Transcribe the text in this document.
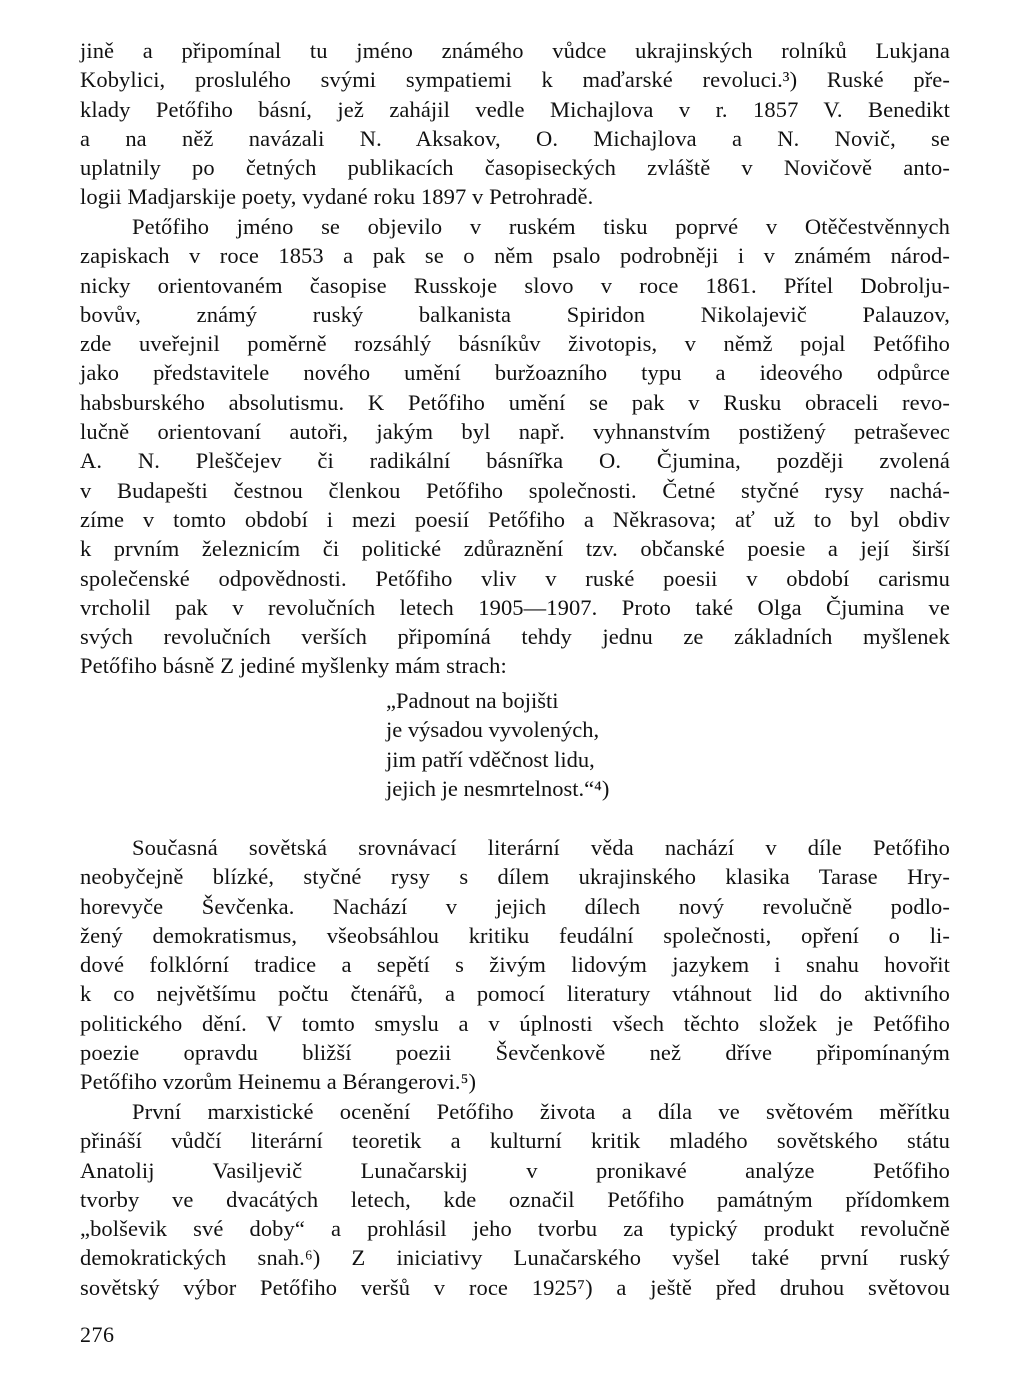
jině a připomínal tu jméno známého vůdce ukrajinských rolníků Lukjana
Kobylici, proslulého svými sympatiemi k maďarské revoluci.³) Ruské pře-
klady Petőfiho básní, jež zahájil vedle Michajlova v r. 1857 V. Benedikt
a na něž navázali N. Aksakov, O. Michajlova a N. Novič, se
uplatnily po četných publikacích časopiseckých zvláště v Novičově anto-
logii Madjarskije poety, vydané roku 1897 v Petrohradě.
Petőfiho jméno se objevilo v ruském tisku poprvé v Otěčestvěnnych
zapiskach v roce 1853 a pak se o něm psalo podrobněji i v známém národ-
nicky orientovaném časopise Russkoje slovo v roce 1861. Přítel Dobrolju-
bovův, známý ruský balkanista Spiridon Nikolajevič Palauzov,
zde uveřejnil poměrně rozsáhlý básníkův životopis, v němž pojal Petőfiho
jako představitele nového umění buržoazního typu a ideového odpůrce
habsburského absolutismu. K Petőfiho umění se pak v Rusku obraceli revo-
lučně orientovaní autoři, jakým byl např. vyhnanstvím postižený petraševec
A. N. Pleščejev či radikální básnířka O. Čjumina, později zvolená
v Budapešti čestnou členkou Petőfiho společnosti. Četné styčné rysy nachá-
zíme v tomto období i mezi poesií Petőfiho a Někrasova; ať už to byl obdiv
k prvním železnicím či politické zdůraznění tzv. občanské poesie a její širší
společenské odpovědnosti. Petőfiho vliv v ruské poesii v období carismu
vrcholil pak v revolučních letech 1905—1907. Proto také Olga Čjumina ve
svých revolučních verších připomíná tehdy jednu ze základních myšlenek
Petőfiho básně Z jediné myšlenky mám strach:
„Padnout na bojišti
je výsadou vyvolených,
jim patří vděčnost lidu,
jejich je nesmrtelnost.“⁴)
Současná sovětská srovnávací literární věda nachází v díle Petőfiho
neobyčejně blízké, styčné rysy s dílem ukrajinského klasika Tarase Hry-
horevyče Ševčenka. Nachází v jejich dílech nový revolučně podlo-
žený demokratismus, všeobsáhlou kritiku feudální společnosti, opření o li-
dové folklórní tradice a sepětí s živým lidovým jazykem i snahu hovořit
k co největšímu počtu čtenářů, a pomocí literatury vtáhnout lid do aktivního
politického dění. V tomto smyslu a v úplnosti všech těchto složek je Petőfiho
poezie opravdu bližší poezii Ševčenkově než dříve připomínaným
Petőfiho vzorům Heinemu a Bérangerovi.⁵)
První marxistické ocenění Petőfiho života a díla ve světovém měřítku
přináší vůdčí literární teoretik a kulturní kritik mladého sovětského státu
Anatolij Vasiljevič Lunačarskij v pronikavé analýze Petőfiho
tvorby ve dvacátých letech, kde označil Petőfiho památným přídomkem
„bolševik své doby“ a prohlásil jeho tvorbu za typický produkt revolučně
demokratických snah.⁶) Z iniciativy Lunačarského vyšel také první ruský
sovětský výbor Petőfiho veršů v roce 1925⁷) a ještě před druhou světovou
276
